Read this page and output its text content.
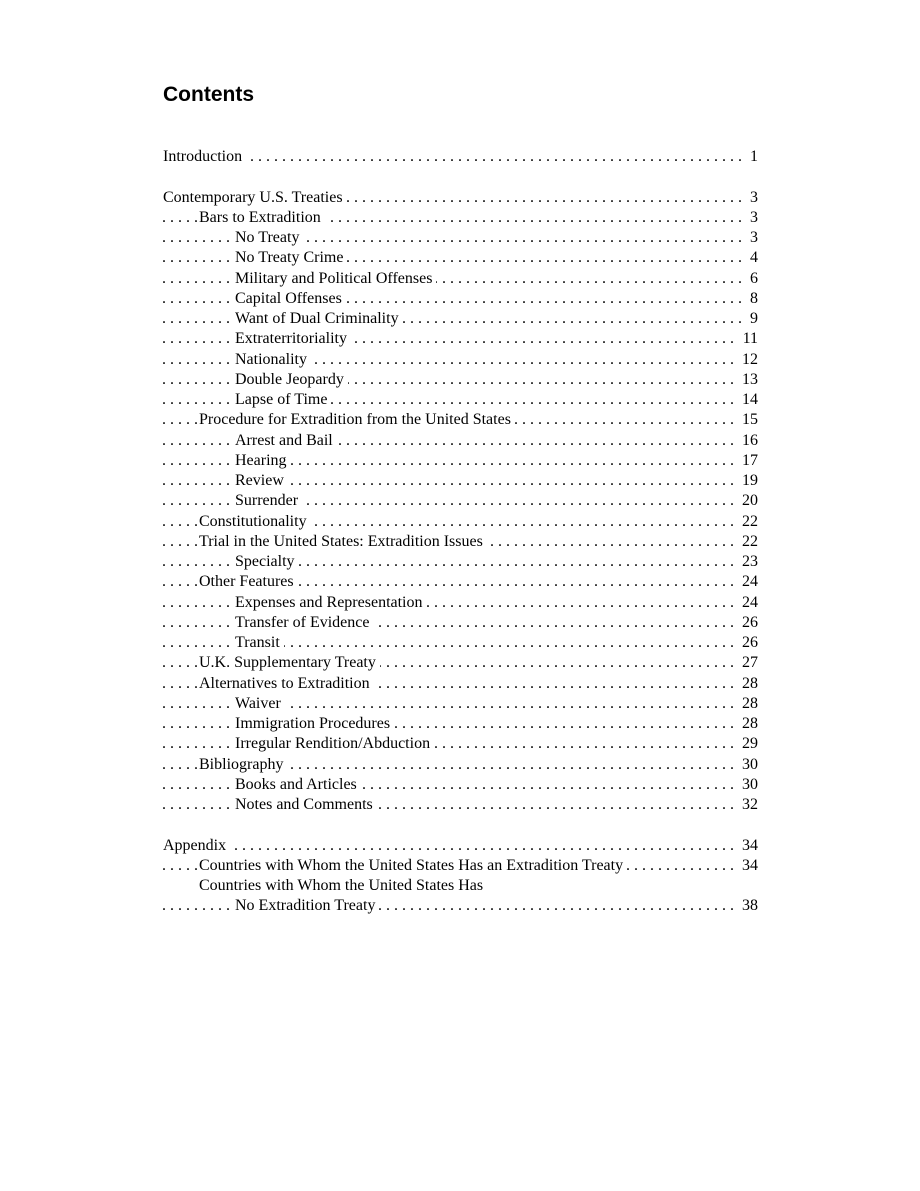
Contents
Introduction	1
Contemporary U.S. Treaties	3
Bars to Extradition	3
No Treaty	3
No Treaty Crime	4
Military and Political Offenses	6
Capital Offenses	8
Want of Dual Criminality	9
Extraterritoriality	11
Nationality	12
Double Jeopardy	13
Lapse of Time	14
Procedure for Extradition from the United States	15
Arrest and Bail	16
Hearing	17
Review	19
Surrender	20
Constitutionality	22
Trial in the United States: Extradition Issues	22
Specialty	23
Other Features	24
Expenses and Representation	24
Transfer of Evidence	26
Transit	26
U.K. Supplementary Treaty	27
Alternatives to Extradition	28
Waiver	28
Immigration Procedures	28
Irregular Rendition/Abduction	29
Bibliography	30
Books and Articles	30
Notes and Comments	32
Appendix	34
Countries with Whom the United States Has an Extradition Treaty	34
Countries with Whom the United States Has
No Extradition Treaty	38
